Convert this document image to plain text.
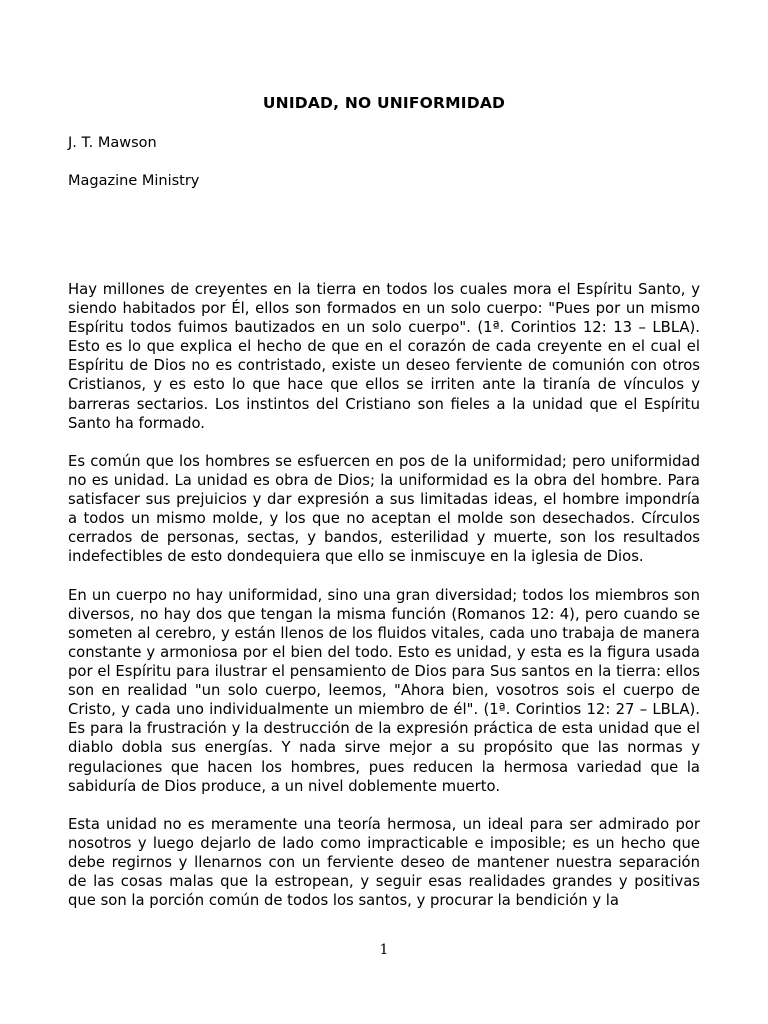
UNIDAD, NO UNIFORMIDAD
J. T. Mawson
Magazine Ministry

Hay millones de creyentes en la tierra en todos los cuales mora el Espíritu Santo, y siendo habitados por Él, ellos son formados en un solo cuerpo: "Pues por un mismo Espíritu todos fuimos bautizados en un solo cuerpo". (1ª. Corintios 12: 13 – LBLA). Esto es lo que explica el hecho de que en el corazón de cada creyente en el cual el Espíritu de Dios no es contristado, existe un deseo ferviente de comunión con otros Cristianos, y es esto lo que hace que ellos se irriten ante la tiranía de vínculos y barreras sectarios. Los instintos del Cristiano son fieles a la unidad que el Espíritu Santo ha formado.

Es común que los hombres se esfuercen en pos de la uniformidad; pero uniformidad no es unidad. La unidad es obra de Dios; la uniformidad es la obra del hombre. Para satisfacer sus prejuicios y dar expresión a sus limitadas ideas, el hombre impondría a todos un mismo molde, y los que no aceptan el molde son desechados. Círculos cerrados de personas, sectas, y bandos, esterilidad y muerte, son los resultados indefectibles de esto dondequiera que ello se inmiscuye en la iglesia de Dios.

En un cuerpo no hay uniformidad, sino una gran diversidad; todos los miembros son diversos, no hay dos que tengan la misma función (Romanos 12: 4), pero cuando se someten al cerebro, y están llenos de los fluidos vitales, cada uno trabaja de manera constante y armoniosa por el bien del todo. Esto es unidad, y esta es la figura usada por el Espíritu para ilustrar el pensamiento de Dios para Sus santos en la tierra: ellos son en realidad "un solo cuerpo, leemos, "Ahora bien, vosotros sois el cuerpo de Cristo, y cada uno individualmente un miembro de él". (1ª. Corintios 12: 27 – LBLA). Es para la frustración y la destrucción de la expresión práctica de esta unidad que el diablo dobla sus energías. Y nada sirve mejor a su propósito que las normas y regulaciones que hacen los hombres, pues reducen la hermosa variedad que la sabiduría de Dios produce, a un nivel doblemente muerto.

Esta unidad no es meramente una teoría hermosa, un ideal para ser admirado por nosotros y luego dejarlo de lado como impracticable e imposible; es un hecho que debe regirnos y llenarnos con un ferviente deseo de mantener nuestra separación de las cosas malas que la estropean, y seguir esas realidades grandes y positivas que son la porción común de todos los santos, y procurar la bendición y la

1
